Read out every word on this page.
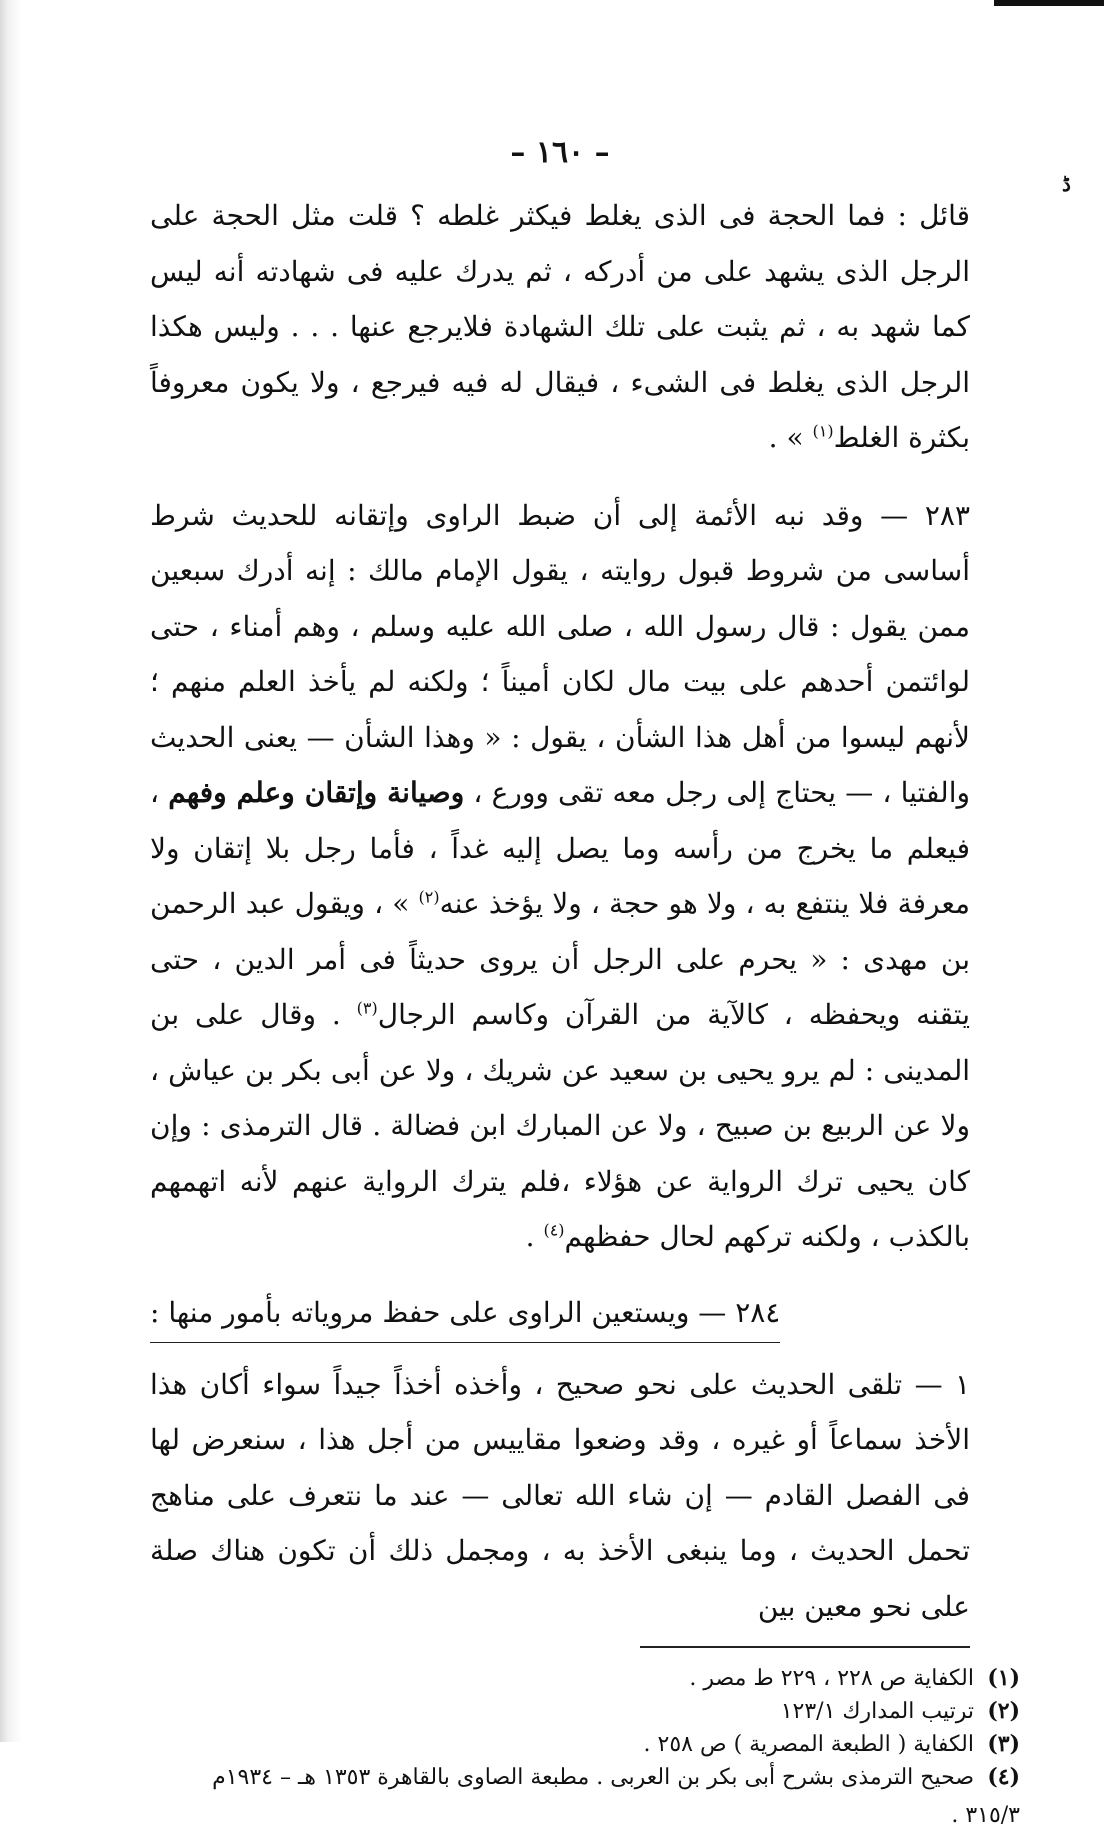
ڈ
– ١٦٠ –

قائل : فما الحجة فى الذى يغلط فيكثر غلطه ؟ قلت مثل الحجة على الرجل الذى يشهد على من أدركه ، ثم يدرك عليه فى شهادته أنه ليس كما شهد به ، ثم يثبت على تلك الشهادة فلايرجع عنها . . . وليس هكذا الرجل الذى يغلط فى الشىء ، فيقال له فيه فيرجع ، ولا يكون معروفاً بكثرة الغلط$^{(١)}$ » .

٢٨٣ — وقد نبه الأئمة إلى أن ضبط الراوى وإتقانه للحديث شرط أساسى من شروط قبول روايته ، يقول الإمام مالك : إنه أدرك سبعين ممن يقول : قال رسول الله ، صلى الله عليه وسلم ، وهم أمناء ، حتى لوائتمن أحدهم على بيت مال لكان أميناً ؛ ولكنه لم يأخذ العلم منهم ؛ لأنهم ليسوا من أهل هذا الشأن ، يقول : « وهذا الشأن — يعنى الحديث والفتيا ، — يحتاج إلى رجل معه تقى وورع ، وصيانة وإتقان وعلم وفهم ، فيعلم ما يخرج من رأسه وما يصل إليه غداً ، فأما رجل بلا إتقان ولا معرفة فلا ينتفع به ، ولا هو حجة ، ولا يؤخذ عنه$^{(٢)}$ » ، ويقول عبد الرحمن بن مهدى : « يحرم على الرجل أن يروى حديثاً فى أمر الدين ، حتى يتقنه ويحفظه ، كالآية من القرآن وكاسم الرجال$^{(٣)}$ . وقال على بن المدينى : لم يرو يحيى بن سعيد عن شريك ، ولا عن أبى بكر بن عياش ، ولا عن الربيع بن صبيح ، ولا عن المبارك ابن فضالة . قال الترمذى : وإن كان يحيى ترك الرواية عن هؤلاء ،فلم يترك الرواية عنهم لأنه اتهمهم بالكذب ، ولكنه تركهم لحال حفظهم$^{(٤)}$ .

٢٨٤ — ويستعين الراوى على حفظ مروياته بأمور منها :

١ — تلقى الحديث على نحو صحيح ، وأخذه أخذاً جيداً سواء أكان هذا الأخذ سماعاً أو غيره ، وقد وضعوا مقاييس من أجل هذا ، سنعرض لها فى الفصل القادم — إن شاء الله تعالى — عند ما نتعرف على مناهج تحمل الحديث ، وما ينبغى الأخذ به ، ومجمل ذلك أن تكون هناك صلة على نحو معين بين

(١)الكفاية ص ٢٢٨ ، ٢٢٩ ط مصر .
(٢)ترتيب المدارك ١٢٣/١
(٣)الكفاية ( الطبعة المصرية ) ص ٢٥٨ .
(٤)صحيح الترمذى بشرح أبى بكر بن العربى . مطبعة الصاوى بالقاهرة ١٣٥٣ هـ – ١٩٣٤م
٣١٥/٣ .
